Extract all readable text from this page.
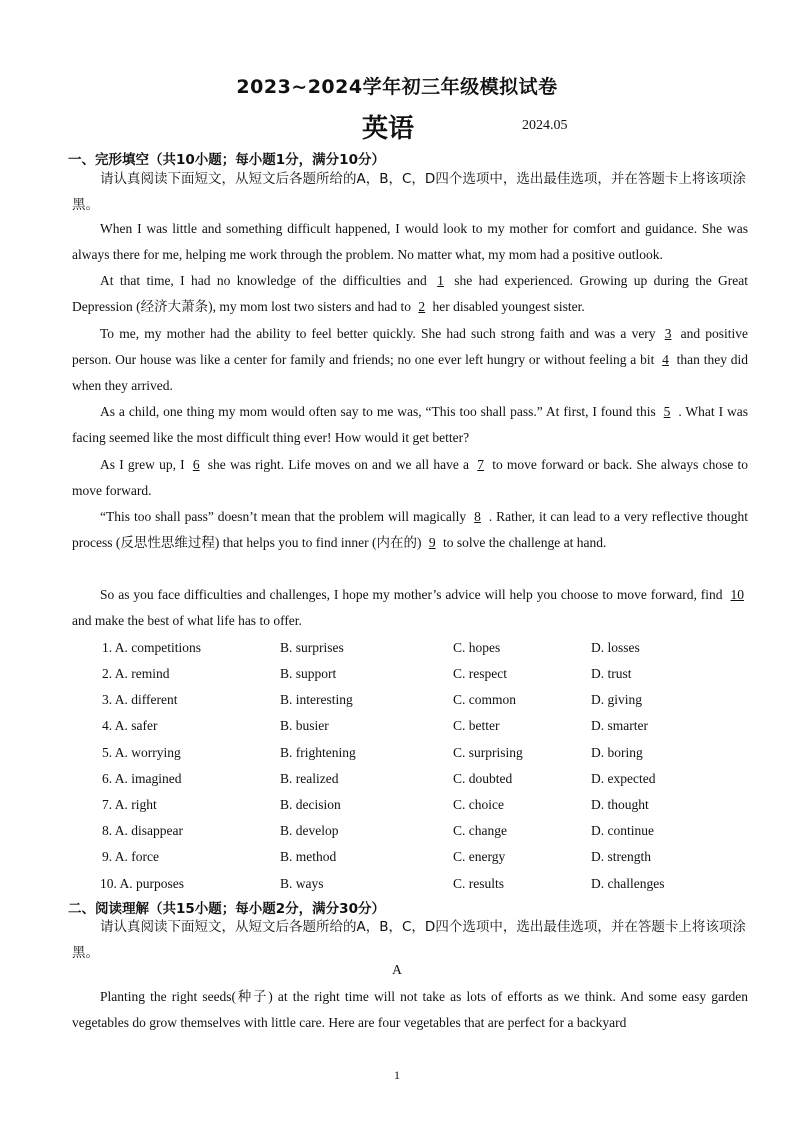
2023~2024学年初三年级模拟试卷
英语	2024.05
一、完形填空（共10小题；每小题1分，满分10分）
请认真阅读下面短文，从短文后各题所给的A，B，C，D四个选项中，选出最佳选项，并在答题卡上将该项涂黑。
When I was little and something difficult happened, I would look to my mother for comfort and guidance. She was always there for me, helping me work through the problem. No matter what, my mom had a positive outlook.
At that time, I had no knowledge of the difficulties and 1 she had experienced. Growing up during the Great Depression (经济大萧条), my mom lost two sisters and had to 2 her disabled youngest sister.
To me, my mother had the ability to feel better quickly. She had such strong faith and was a very 3 and positive person. Our house was like a center for family and friends; no one ever left hungry or without feeling a bit 4 than they did when they arrived.
As a child, one thing my mom would often say to me was, “This too shall pass.” At first, I found this 5 . What I was facing seemed like the most difficult thing ever! How would it get better?
As I grew up, I 6 she was right. Life moves on and we all have a 7 to move forward or back. She always chose to move forward.
“This too shall pass” doesn’t mean that the problem will magically 8 . Rather, it can lead to a very reflective thought process (反思性思维过程) that helps you to find inner (内在的) 9 to solve the challenge at hand.
So as you face difficulties and challenges, I hope my mother’s advice will help you choose to move forward, find 10 and make the best of what life has to offer.
1. A. competitions	B. surprises	C. hopes	D. losses
2. A. remind	B. support	C. respect	D. trust
3. A. different	B. interesting	C. common	D. giving
4. A. safer	B. busier	C. better	D. smarter
5. A. worrying	B. frightening	C. surprising	D. boring
6. A. imagined	B. realized	C. doubted	D. expected
7. A. right	B. decision	C. choice	D. thought
8. A. disappear	B. develop	C. change	D. continue
9. A. force	B. method	C. energy	D. strength
10. A. purposes	B. ways	C. results	D. challenges
二、阅读理解（共15小题；每小题2分，满分30分）
请认真阅读下面短文，从短文后各题所给的A，B，C，D四个选项中，选出最佳选项，并在答题卡上将该项涂黑。
A
Planting the right seeds(种子) at the right time will not take as lots of efforts as we think. And some easy garden vegetables do grow themselves with little care. Here are four vegetables that are perfect for a backyard
1
